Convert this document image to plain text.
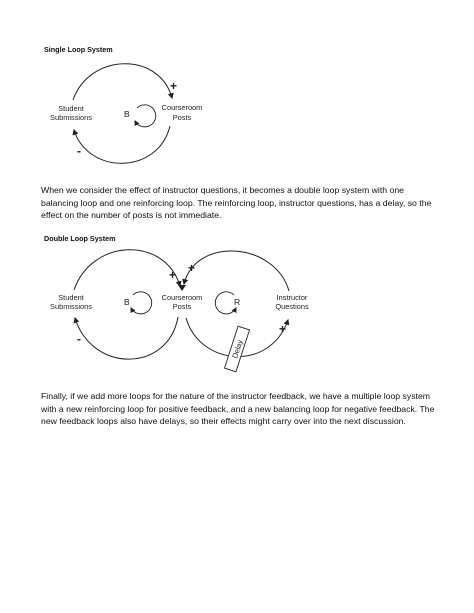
Single Loop System
B
Student
Submissions
Courseroom
Posts
+
-
B	R
Student
Submissions
Courseroom
Posts
Instructor
Questions
+ +
-
+
Delay

When we consider the effect of instructor questions, it becomes a double loop system with one balancing loop and one reinforcing loop. The reinforcing loop, instructor questions, has a delay, so the effect on the number of posts is not immediate.

Double Loop System

Finally, if we add more loops for the nature of the instructor feedback, we have a multiple loop system with a new reinforcing loop for positive feedback, and a new balancing loop for negative feedback. The new feedback loops also have delays, so their effects might carry over into the next discussion.
